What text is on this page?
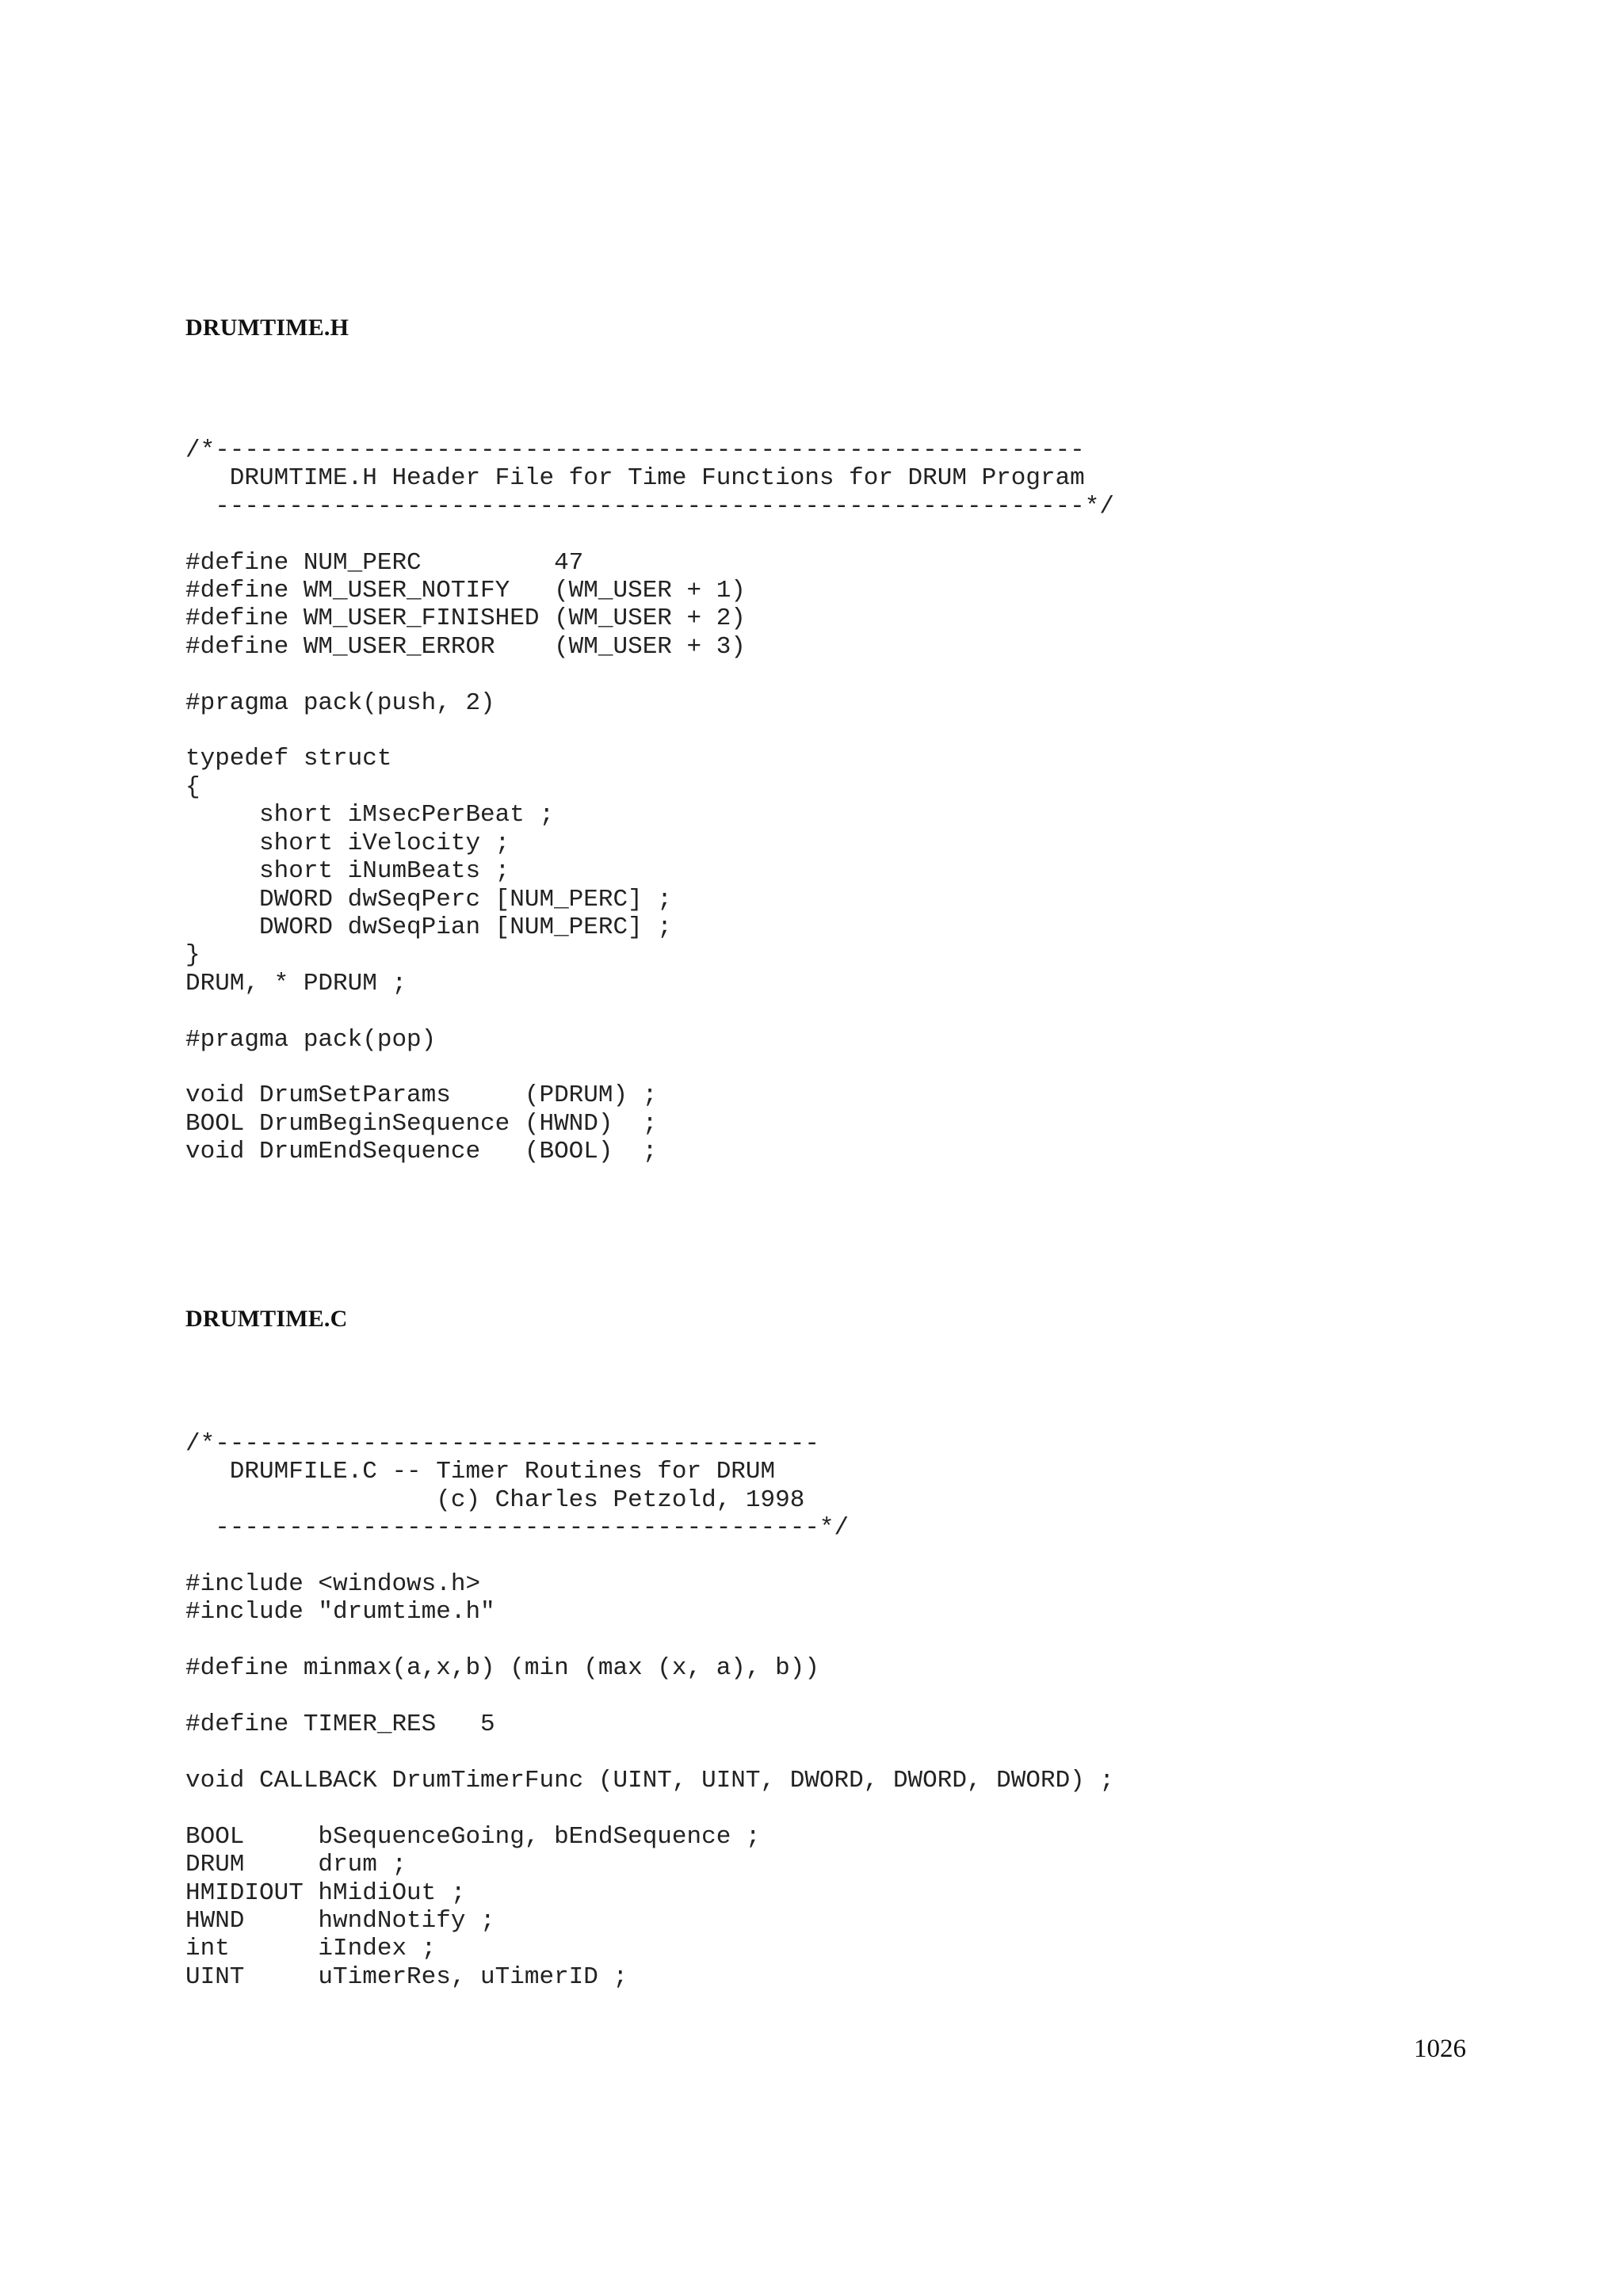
DRUMTIME.H
/*-----------------------------------------------------------
DRUMTIME.H Header File for Time Functions for DRUM Program
-----------------------------------------------------------*/

#define NUM_PERC         47
#define WM_USER_NOTIFY   (WM_USER + 1)
#define WM_USER_FINISHED (WM_USER + 2)
#define WM_USER_ERROR    (WM_USER + 3)

#pragma pack(push, 2)

typedef struct
{
short iMsecPerBeat ;
short iVelocity ;
short iNumBeats ;
DWORD dwSeqPerc [NUM_PERC] ;
DWORD dwSeqPian [NUM_PERC] ;
}
DRUM, * PDRUM ;

#pragma pack(pop)

void DrumSetParams     (PDRUM) ;
BOOL DrumBeginSequence (HWND)  ;
void DrumEndSequence   (BOOL)  ;
DRUMTIME.C
/*-----------------------------------------
DRUMFILE.C -- Timer Routines for DRUM
(c) Charles Petzold, 1998
-----------------------------------------*/

#include <windows.h>
#include "drumtime.h"

#define minmax(a,x,b) (min (max (x, a), b))

#define TIMER_RES   5

void CALLBACK DrumTimerFunc (UINT, UINT, DWORD, DWORD, DWORD) ;

BOOL     bSequenceGoing, bEndSequence ;
DRUM     drum ;
HMIDIOUT hMidiOut ;
HWND     hwndNotify ;
int      iIndex ;
UINT     uTimerRes, uTimerID ;
1026
